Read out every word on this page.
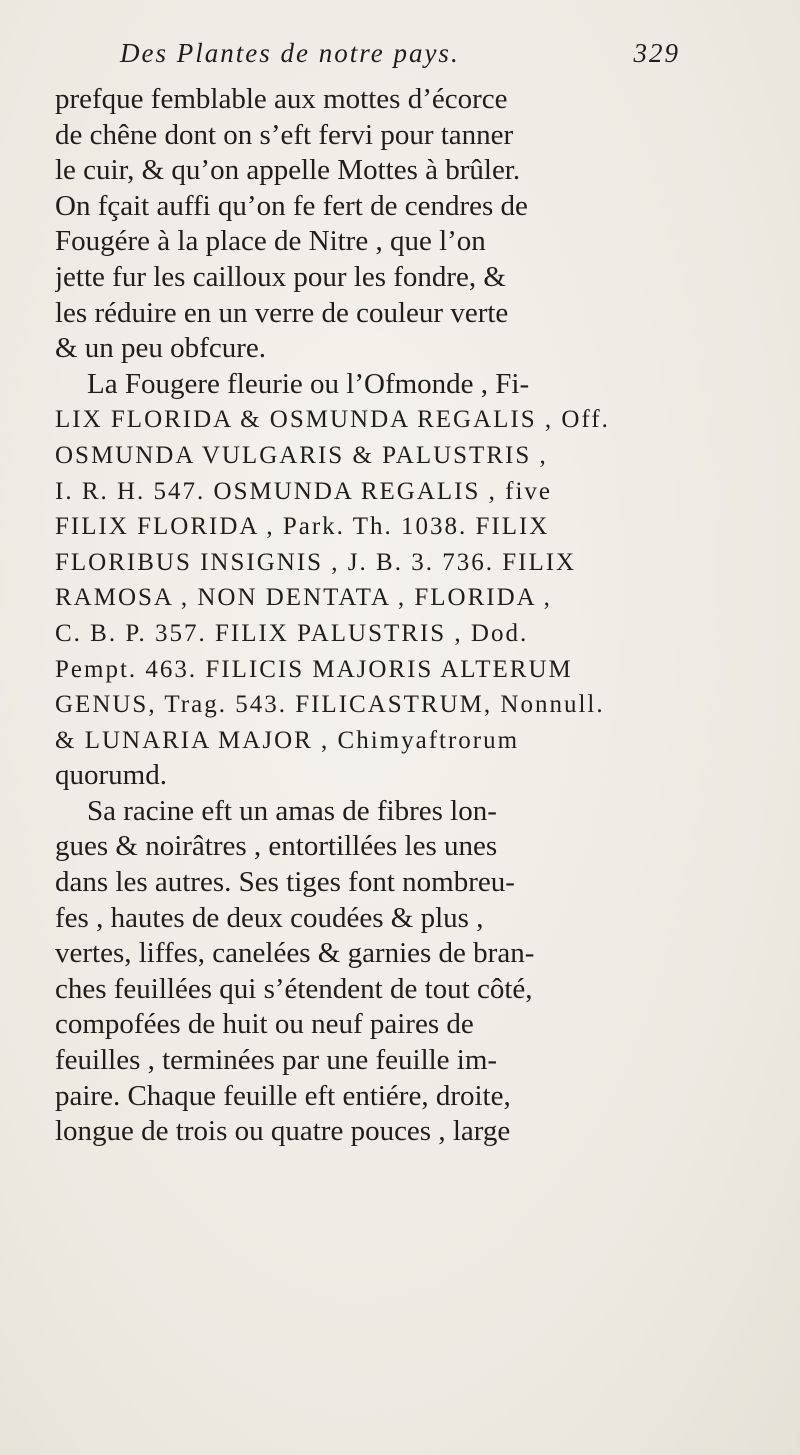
Des Plantes de notre pays.	329
prefque femblable aux mottes d’écorce
de chêne dont on s’eft fervi pour tanner
le cuir, & qu’on appelle Mottes à brûler.
On fçait auffi qu’on fe fert de cendres de
Fougére à la place de Nitre , que l’on
jette fur les cailloux pour les fondre, &
les réduire en un verre de couleur verte
& un peu obfcure.
La Fougere fleurie ou l’Ofmonde , Fi-
LIX FLORIDA & OSMUNDA REGALIS , Off.
OSMUNDA VULGARIS & PALUSTRIS ,
I. R. H. 547. OSMUNDA REGALIS , five
FILIX FLORIDA , Park. Th. 1038. FILIX
FLORIBUS INSIGNIS , J. B. 3. 736. FILIX
RAMOSA , NON DENTATA , FLORIDA ,
C. B. P. 357. FILIX PALUSTRIS , Dod.
Pempt. 463. FILICIS MAJORIS ALTERUM
GENUS, Trag. 543. FILICASTRUM, Nonnull.
& LUNARIA MAJOR , Chimyaftrorum
quorumd.
Sa racine eft un amas de fibres lon-
gues & noirâtres , entortillées les unes
dans les autres. Ses tiges font nombreu-
fes , hautes de deux coudées & plus ,
vertes, liffes, canelées & garnies de bran-
ches feuillées qui s’étendent de tout côté,
compofées de huit ou neuf paires de
feuilles , terminées par une feuille im-
paire. Chaque feuille eft entiére, droite,
longue de trois ou quatre pouces , large
